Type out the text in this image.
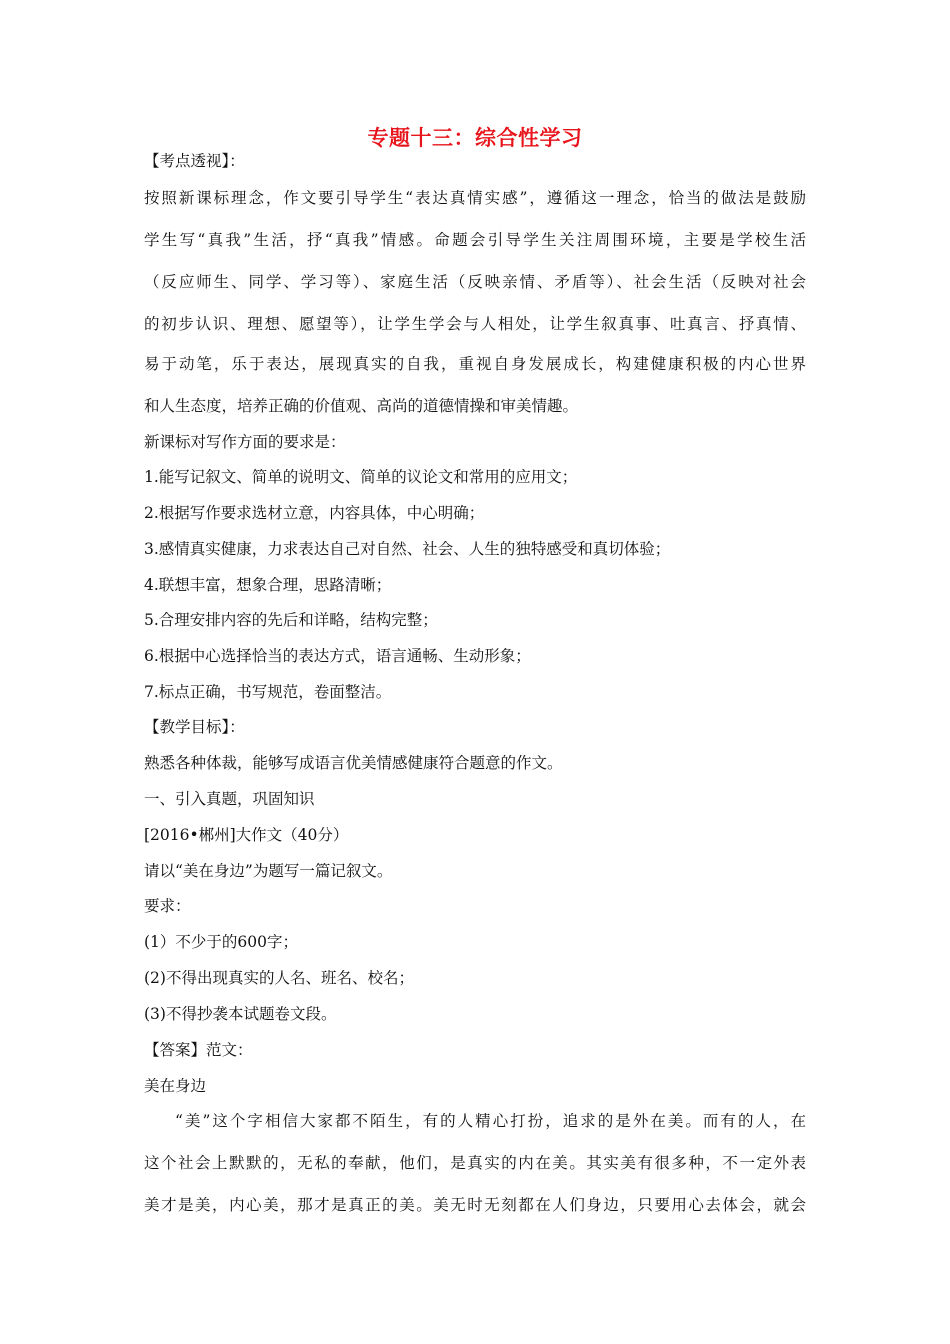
专题十三：综合性学习
【考点透视】：
按照新课标理念，作文要引导学生“表达真情实感”，遵循这一理念，恰当的做法是鼓励
学生写“真我”生活，抒“真我”情感。命题会引导学生关注周围环境，主要是学校生活
（反应师生、同学、学习等）、家庭生活（反映亲情、矛盾等）、社会生活（反映对社会
的初步认识、理想、愿望等），让学生学会与人相处，让学生叙真事、吐真言、抒真情、
易于动笔，乐于表达，展现真实的自我，重视自身发展成长，构建健康积极的内心世界
和人生态度，培养正确的价值观、高尚的道德情操和审美情趣。
新课标对写作方面的要求是：
1.能写记叙文、简单的说明文、简单的议论文和常用的应用文；
2.根据写作要求选材立意，内容具体，中心明确；
3.感情真实健康，力求表达自己对自然、社会、人生的独特感受和真切体验；
4.联想丰富，想象合理，思路清晰；
5.合理安排内容的先后和详略，结构完整；
6.根据中心选择恰当的表达方式，语言通畅、生动形象；
7.标点正确，书写规范，卷面整洁。
【教学目标】：
熟悉各种体裁，能够写成语言优美情感健康符合题意的作文。
一、引入真题，巩固知识
[2016•郴州]大作文（40分）
请以“美在身边”为题写一篇记叙文。
要求：
(1）不少于的600字；
(2)不得出现真实的人名、班名、校名；
(3)不得抄袭本试题卷文段。
【答案】范文：
美在身边
“美”这个字相信大家都不陌生，有的人精心打扮，追求的是外在美。而有的人，在
这个社会上默默的，无私的奉献，他们，是真实的内在美。其实美有很多种，不一定外表
美才是美，内心美，那才是真正的美。美无时无刻都在人们身边，只要用心去体会，就会
